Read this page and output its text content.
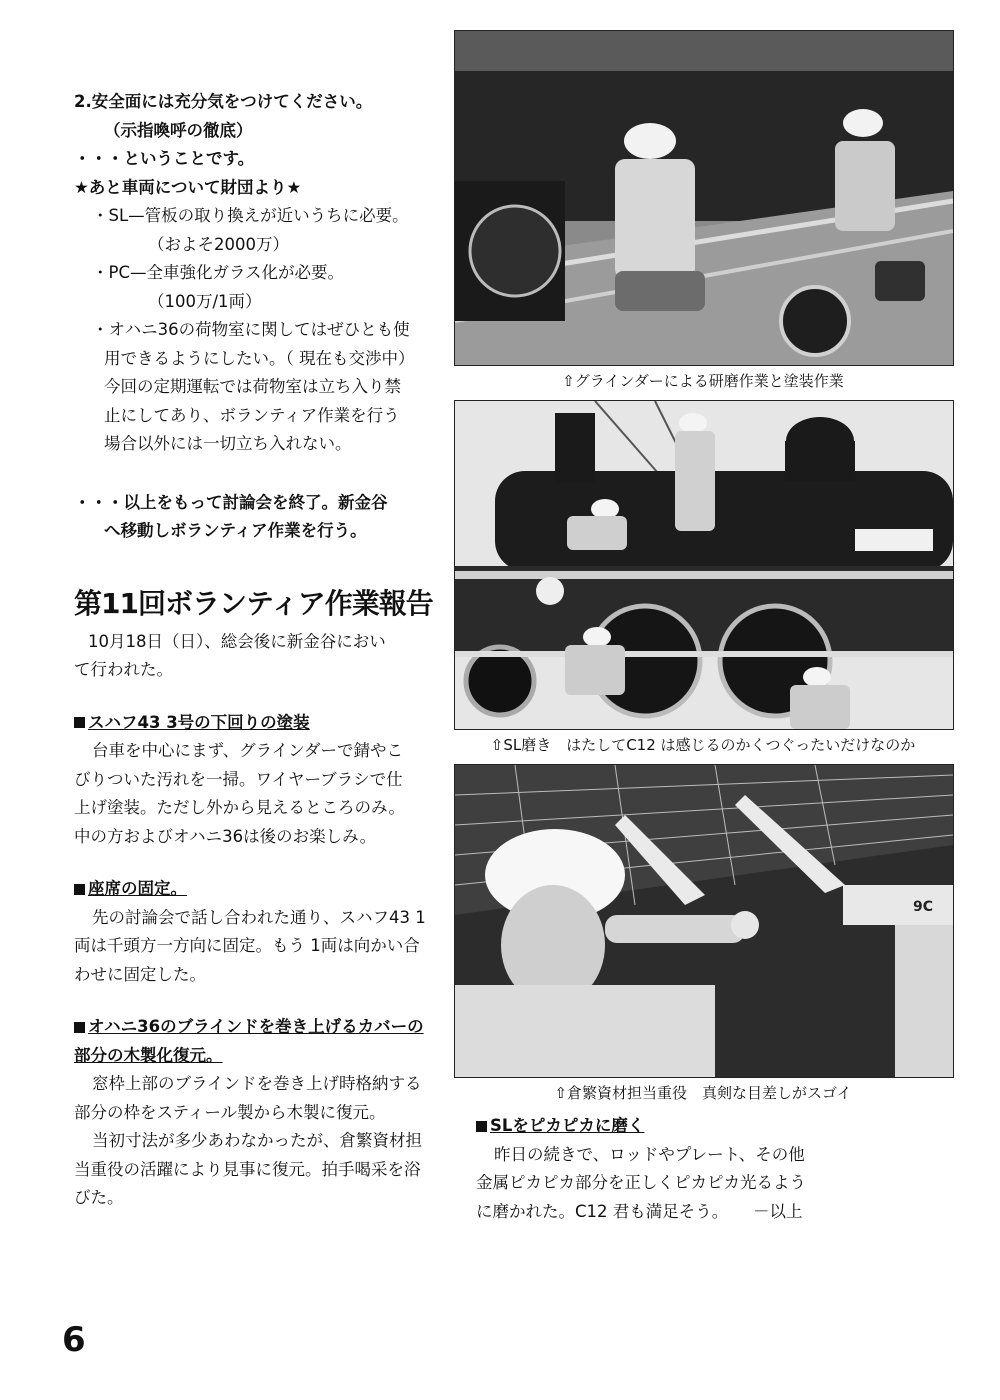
2.安全面には充分気をつけてください。

（示指喚呼の徹底）

・・・ということです。

★あと車両について財団より★

・SL—管板の取り換えが近いうちに必要。

（およそ2000万）

・PC—全車強化ガラス化が必要。

（100万/1両）

・オハニ36の荷物室に関してはぜひとも使

用できるようにしたい。（ 現在も交渉中）

今回の定期運転では荷物室は立ち入り禁

止にしてあり、ボランティア作業を行う

場合以外には一切立ち入れない。

・・・以上をもって討論会を終了。新金谷

へ移動しボランティア作業を行う。

第11回ボランティア作業報告

10月18日（日）、総会後に新金谷におい

て行われた。

スハフ43 3号の下回りの塗装

台車を中心にまず、グラインダーで錆やこ

びりついた汚れを一掃。ワイヤーブラシで仕

上げ塗装。ただし外から見えるところのみ。

中の方およびオハニ36は後のお楽しみ。

座席の固定。

先の討論会で話し合われた通り、スハフ43 1

両は千頭方一方向に固定。もう 1両は向かい合

わせに固定した。

オハニ36のブラインドを巻き上げるカバーの

部分の木製化復元。

窓枠上部のブラインドを巻き上げ時格納する

部分の枠をスティール製から木製に復元。

当初寸法が多少あわなかったが、倉繁資材担

当重役の活躍により見事に復元。拍手喝采を浴

びた。

⇧グラインダーによる研磨作業と塗装作業
⇧SL磨き　はたしてC12 は感じるのかくつぐったいだけなのか
9C
⇧倉繁資材担当重役　真剣な目差しがスゴイ

SLをピカピカに磨く

昨日の続きで、ロッドやプレート、その他

金属ピカピカ部分を正しくピカピカ光るよう

に磨かれた。C12 君も満足そう。　　－以上

6
